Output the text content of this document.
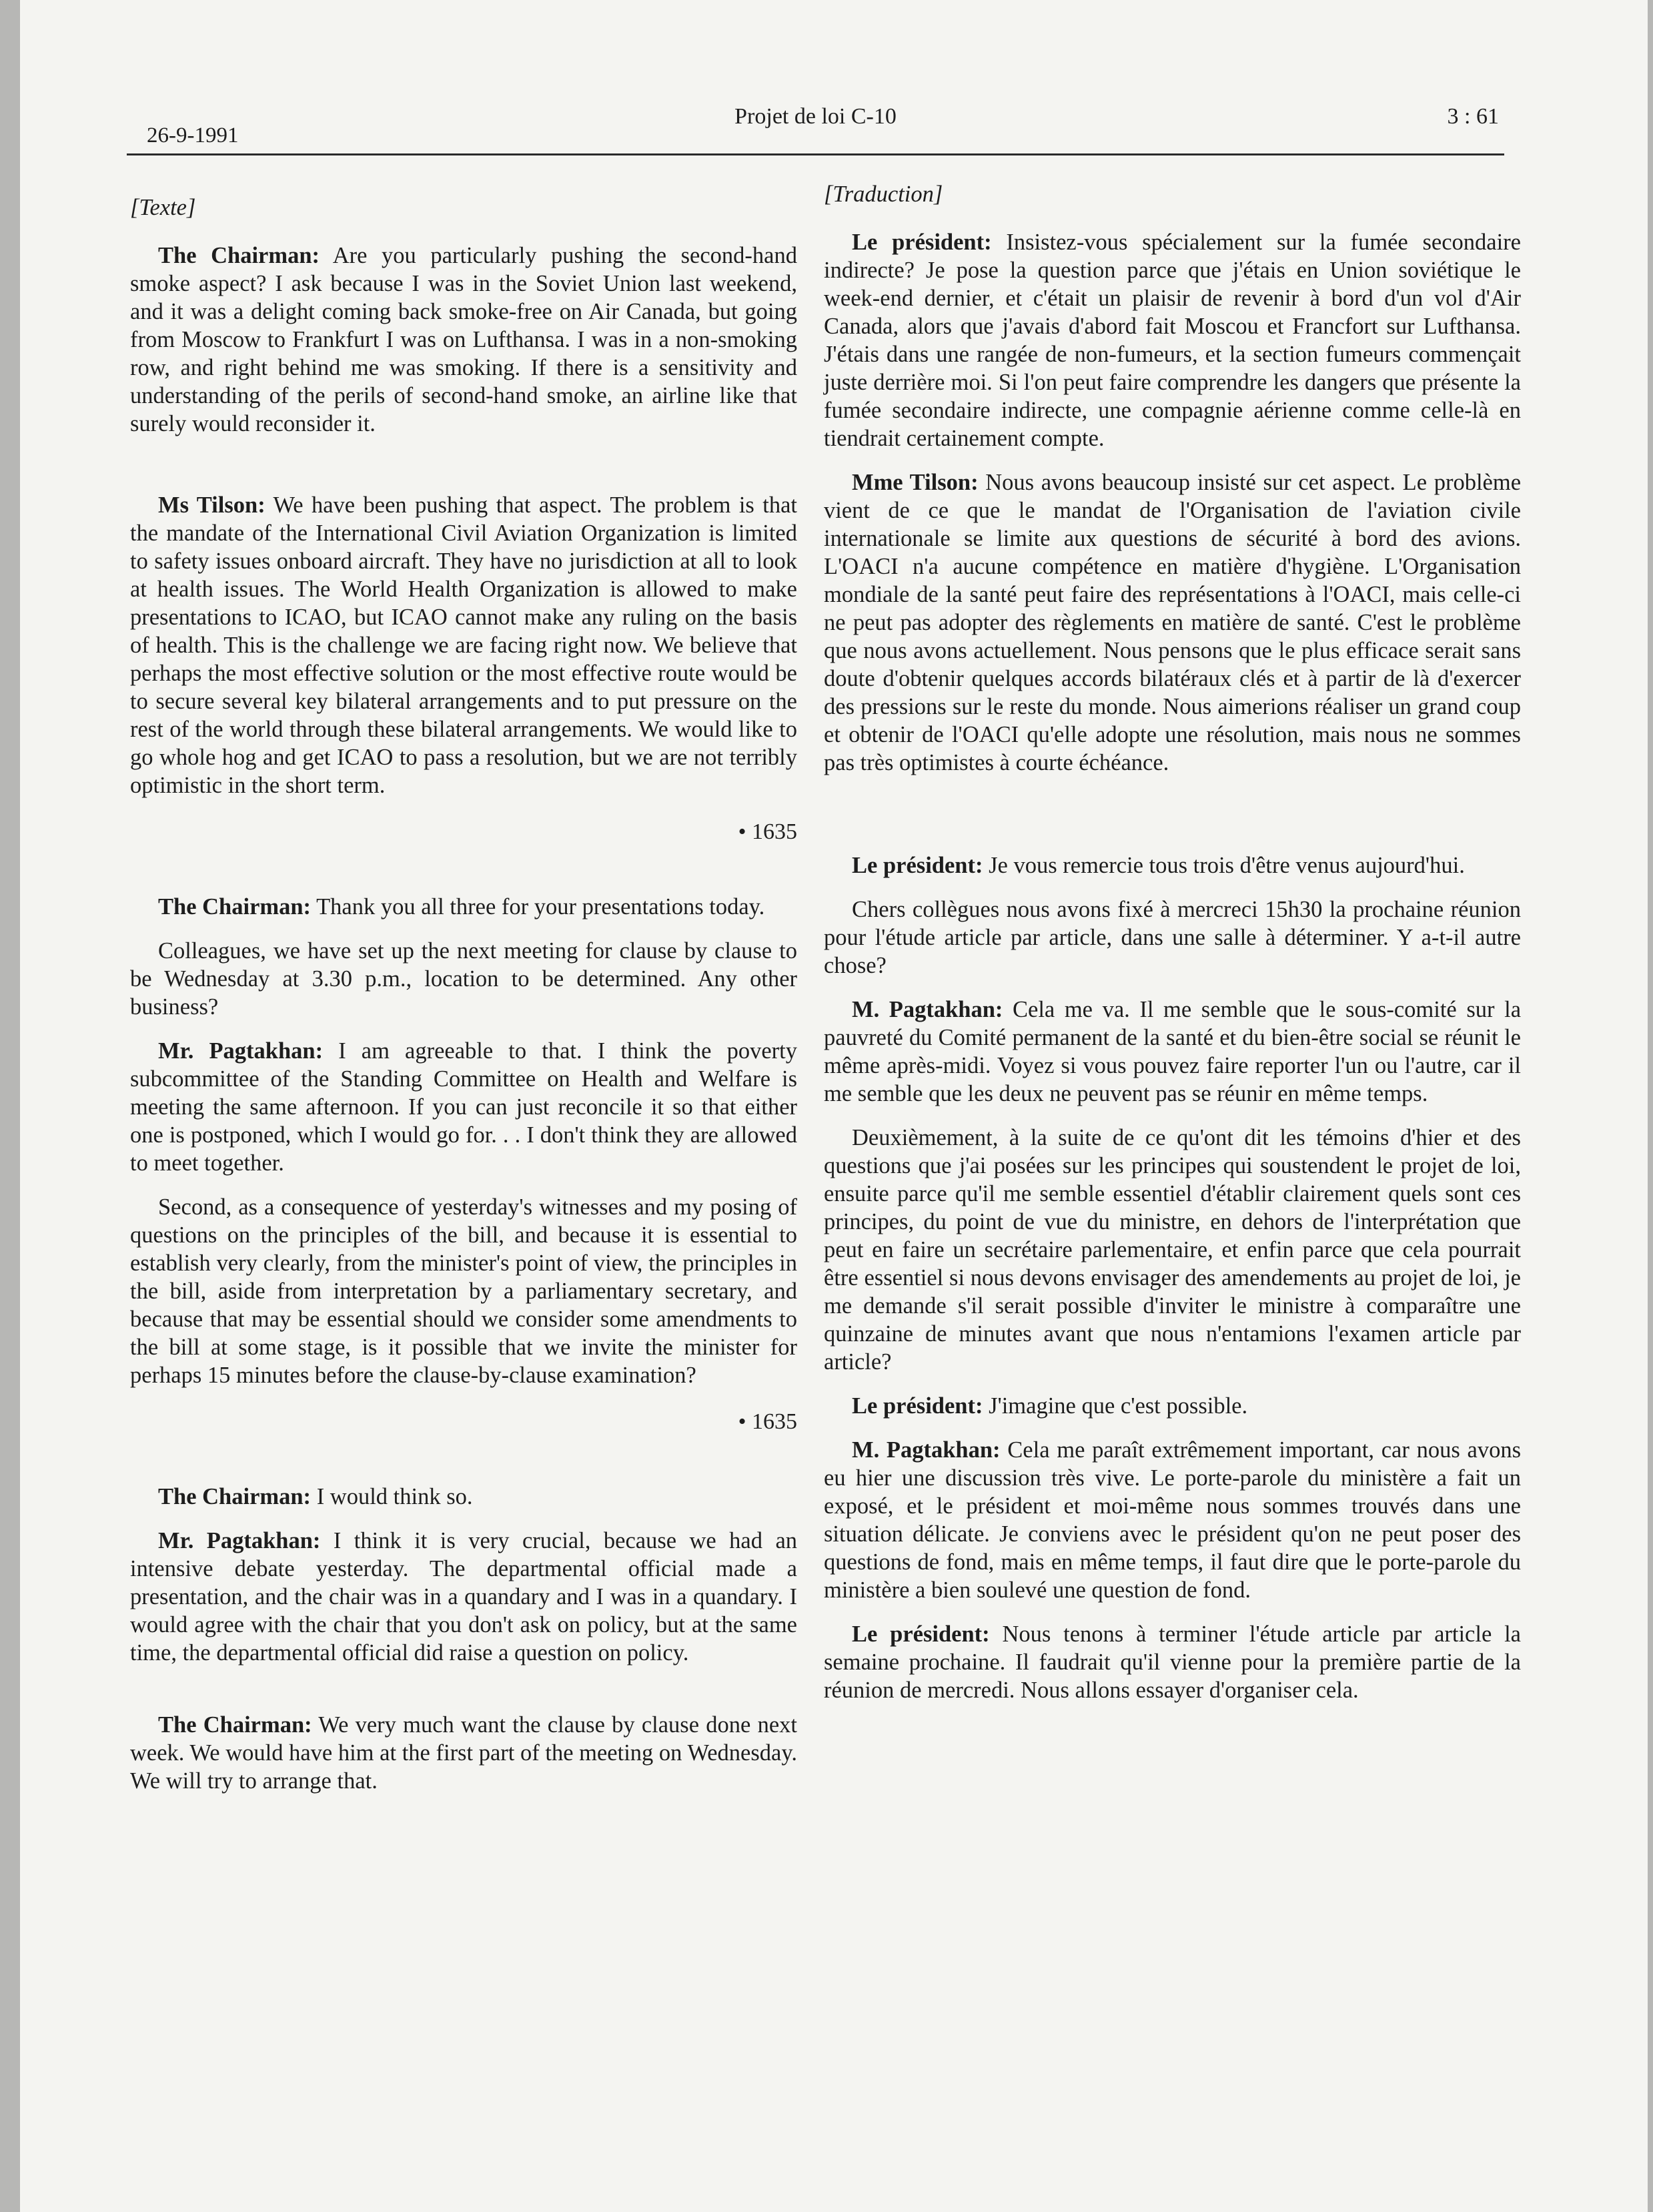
26-9-1991
Projet de loi C-10	3 : 61

[Texte]

The Chairman: Are you particularly pushing the second-hand smoke aspect? I ask because I was in the Soviet Union last weekend, and it was a delight coming back smoke-free on Air Canada, but going from Moscow to Frankfurt I was on Lufthansa. I was in a non-smoking row, and right behind me was smoking. If there is a sensitivity and understanding of the perils of second-hand smoke, an airline like that surely would reconsider it.

Ms Tilson: We have been pushing that aspect. The problem is that the mandate of the International Civil Aviation Organization is limited to safety issues onboard aircraft. They have no jurisdiction at all to look at health issues. The World Health Organization is allowed to make presentations to ICAO, but ICAO cannot make any ruling on the basis of health. This is the challenge we are facing right now. We believe that perhaps the most effective solution or the most effective route would be to secure several key bilateral arrangements and to put pressure on the rest of the world through these bilateral arrangements. We would like to go whole hog and get ICAO to pass a resolution, but we are not terribly optimistic in the short term.

• 1635

The Chairman: Thank you all three for your presentations today.

Colleagues, we have set up the next meeting for clause by clause to be Wednesday at 3.30 p.m., location to be determined. Any other business?

Mr. Pagtakhan: I am agreeable to that. I think the poverty subcommittee of the Standing Committee on Health and Welfare is meeting the same afternoon. If you can just reconcile it so that either one is postponed, which I would go for. . . I don't think they are allowed to meet together.

Second, as a consequence of yesterday's witnesses and my posing of questions on the principles of the bill, and because it is essential to establish very clearly, from the minister's point of view, the principles in the bill, aside from interpretation by a parliamentary secretary, and because that may be essential should we consider some amendments to the bill at some stage, is it possible that we invite the minister for perhaps 15 minutes before the clause-by-clause examination?

• 1635

The Chairman: I would think so.

Mr. Pagtakhan: I think it is very crucial, because we had an intensive debate yesterday. The departmental official made a presentation, and the chair was in a quandary and I was in a quandary. I would agree with the chair that you don't ask on policy, but at the same time, the departmental official did raise a question on policy.

The Chairman: We very much want the clause by clause done next week. We would have him at the first part of the meeting on Wednesday. We will try to arrange that.

[Traduction]

Le président: Insistez-vous spécialement sur la fumée secondaire indirecte? Je pose la question parce que j'étais en Union soviétique le week-end dernier, et c'était un plaisir de revenir à bord d'un vol d'Air Canada, alors que j'avais d'abord fait Moscou et Francfort sur Lufthansa. J'étais dans une rangée de non-fumeurs, et la section fumeurs commençait juste derrière moi. Si l'on peut faire comprendre les dangers que présente la fumée secondaire indirecte, une compagnie aérienne comme celle-là en tiendrait certainement compte.

Mme Tilson: Nous avons beaucoup insisté sur cet aspect. Le problème vient de ce que le mandat de l'Organisation de l'aviation civile internationale se limite aux questions de sécurité à bord des avions. L'OACI n'a aucune compétence en matière d'hygiène. L'Organisation mondiale de la santé peut faire des représentations à l'OACI, mais celle-ci ne peut pas adopter des règlements en matière de santé. C'est le problème que nous avons actuellement. Nous pensons que le plus efficace serait sans doute d'obtenir quelques accords bilatéraux clés et à partir de là d'exercer des pressions sur le reste du monde. Nous aimerions réaliser un grand coup et obtenir de l'OACI qu'elle adopte une résolution, mais nous ne sommes pas très optimistes à courte échéance.

Le président: Je vous remercie tous trois d'être venus aujourd'hui.

Chers collègues nous avons fixé à mercreci 15h30 la prochaine réunion pour l'étude article par article, dans une salle à déterminer. Y a-t-il autre chose?

M. Pagtakhan: Cela me va. Il me semble que le sous-comité sur la pauvreté du Comité permanent de la santé et du bien-être social se réunit le même après-midi. Voyez si vous pouvez faire reporter l'un ou l'autre, car il me semble que les deux ne peuvent pas se réunir en même temps.

Deuxièmement, à la suite de ce qu'ont dit les témoins d'hier et des questions que j'ai posées sur les principes qui soustendent le projet de loi, ensuite parce qu'il me semble essentiel d'établir clairement quels sont ces principes, du point de vue du ministre, en dehors de l'interprétation que peut en faire un secrétaire parlementaire, et enfin parce que cela pourrait être essentiel si nous devons envisager des amendements au projet de loi, je me demande s'il serait possible d'inviter le ministre à comparaître une quinzaine de minutes avant que nous n'entamions l'examen article par article?

Le président: J'imagine que c'est possible.

M. Pagtakhan: Cela me paraît extrêmement important, car nous avons eu hier une discussion très vive. Le porte-parole du ministère a fait un exposé, et le président et moi-même nous sommes trouvés dans une situation délicate. Je conviens avec le président qu'on ne peut poser des questions de fond, mais en même temps, il faut dire que le porte-parole du ministère a bien soulevé une question de fond.

Le président: Nous tenons à terminer l'étude article par article la semaine prochaine. Il faudrait qu'il vienne pour la première partie de la réunion de mercredi. Nous allons essayer d'organiser cela.
